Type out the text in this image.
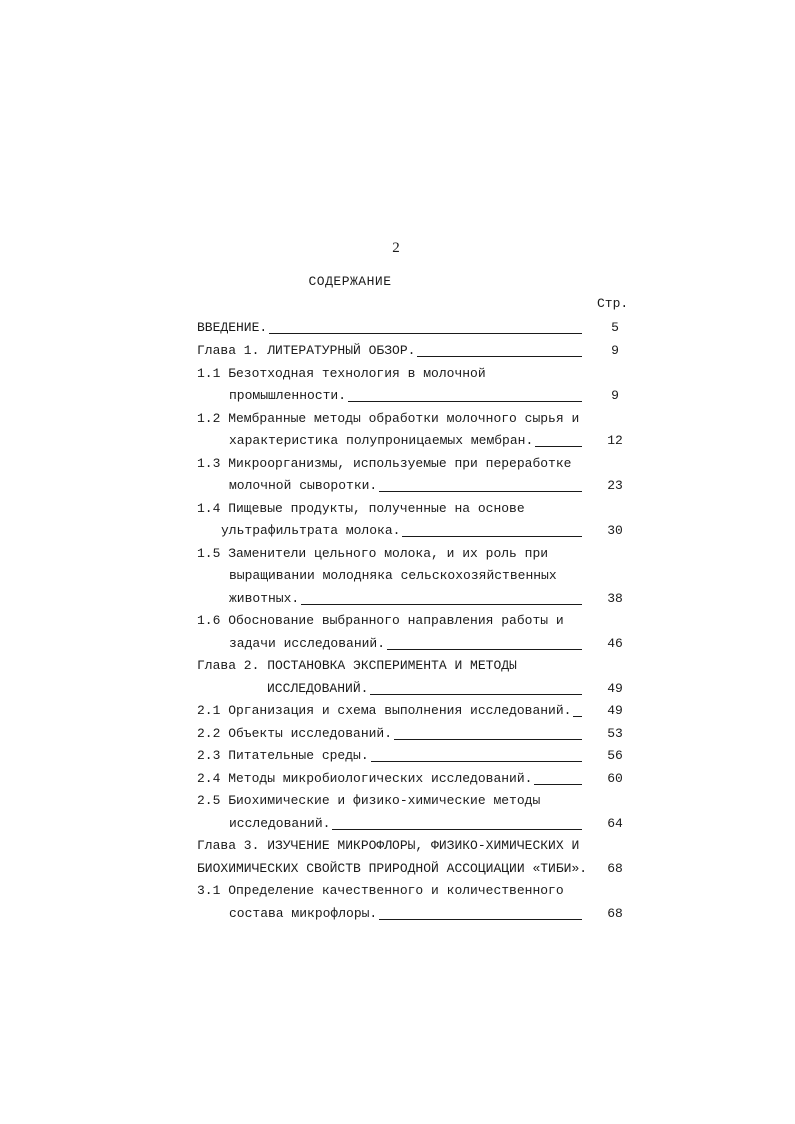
2
СОДЕРЖАНИЕ
Стр.
ВВЕДЕНИЕ.	5
Глава 1. ЛИТЕРАТУРНЫЙ ОБЗОР.	9
1.1 Безотходная технология в молочной
промышленности.	9
1.2 Мембранные методы обработки молочного сырья и
характеристика полупроницаемых мембран.	12
1.3 Микроорганизмы, используемые при переработке
молочной сыворотки.	23
1.4 Пищевые продукты, полученные на основе
ультрафильтрата молока.	30
1.5 Заменители цельного молока, и их роль при
выращивании молодняка сельскохозяйственных
животных.	38
1.6 Обоснование выбранного направления работы и
задачи исследований.	46
Глава 2. ПОСТАНОВКА ЭКСПЕРИМЕНТА И МЕТОДЫ
ИССЛЕДОВАНИЙ.	49
2.1 Организация и схема выполнения исследований.	49
2.2 Объекты исследований.	53
2.3 Питательные среды.	56
2.4 Методы микробиологических исследований.	60
2.5 Биохимические и физико-химические методы
исследований.	64
Глава 3. ИЗУЧЕНИЕ МИКРОФЛОРЫ, ФИЗИКО-ХИМИЧЕСКИХ И
БИОХИМИЧЕСКИХ СВОЙСТВ ПРИРОДНОЙ АССОЦИАЦИИ «ТИБИ».	68
3.1 Определение качественного и количественного
состава микрофлоры.	68
